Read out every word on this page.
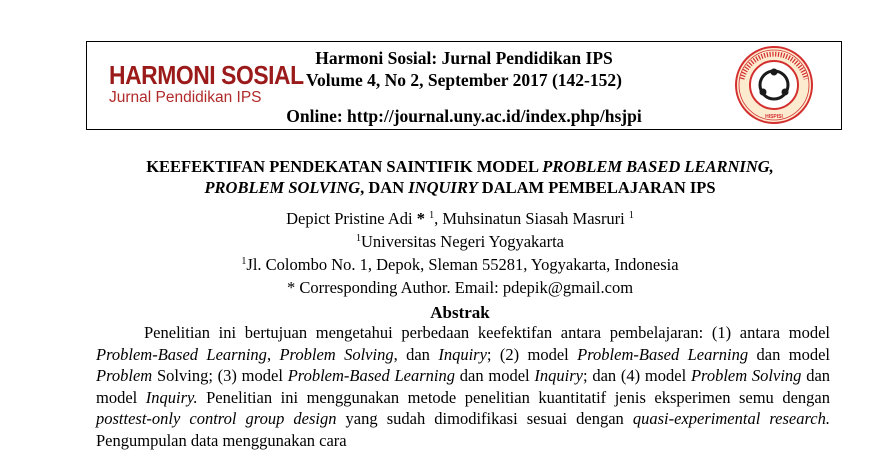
HARMONI SOSIAL
Jurnal Pendidikan IPS
Harmoni Sosial: Jurnal Pendidikan IPS
Volume 4, No 2, September 2017 (142-152)
Online: http://journal.uny.ac.id/index.php/hsjpi	HISPISI
KEEFEKTIFAN PENDEKATAN SAINTIFIK MODEL PROBLEM BASED LEARNING,
PROBLEM SOLVING, DAN INQUIRY DALAM PEMBELAJARAN IPS
Depict Pristine Adi * $^1$, Muhsinatun Siasah Masruri $^1$
$^1$Universitas Negeri Yogyakarta
$^1$Jl. Colombo No. 1, Depok, Sleman 55281, Yogyakarta, Indonesia
* Corresponding Author. Email: pdepik@gmail.com
Abstrak

Penelitian ini bertujuan mengetahui perbedaan keefektifan antara pembelajaran: (1) antara model Problem-Based Learning, Problem Solving, dan Inquiry; (2) model Problem-Based Learning dan model Problem Solving; (3) model Problem-Based Learning dan model Inquiry; dan (4) model Problem Solving dan model Inquiry. Penelitian ini menggunakan metode penelitian kuantitatif jenis eksperimen semu dengan posttest-only control group design yang sudah dimodifikasi sesuai dengan quasi-experimental research. Pengumpulan data menggunakan cara
